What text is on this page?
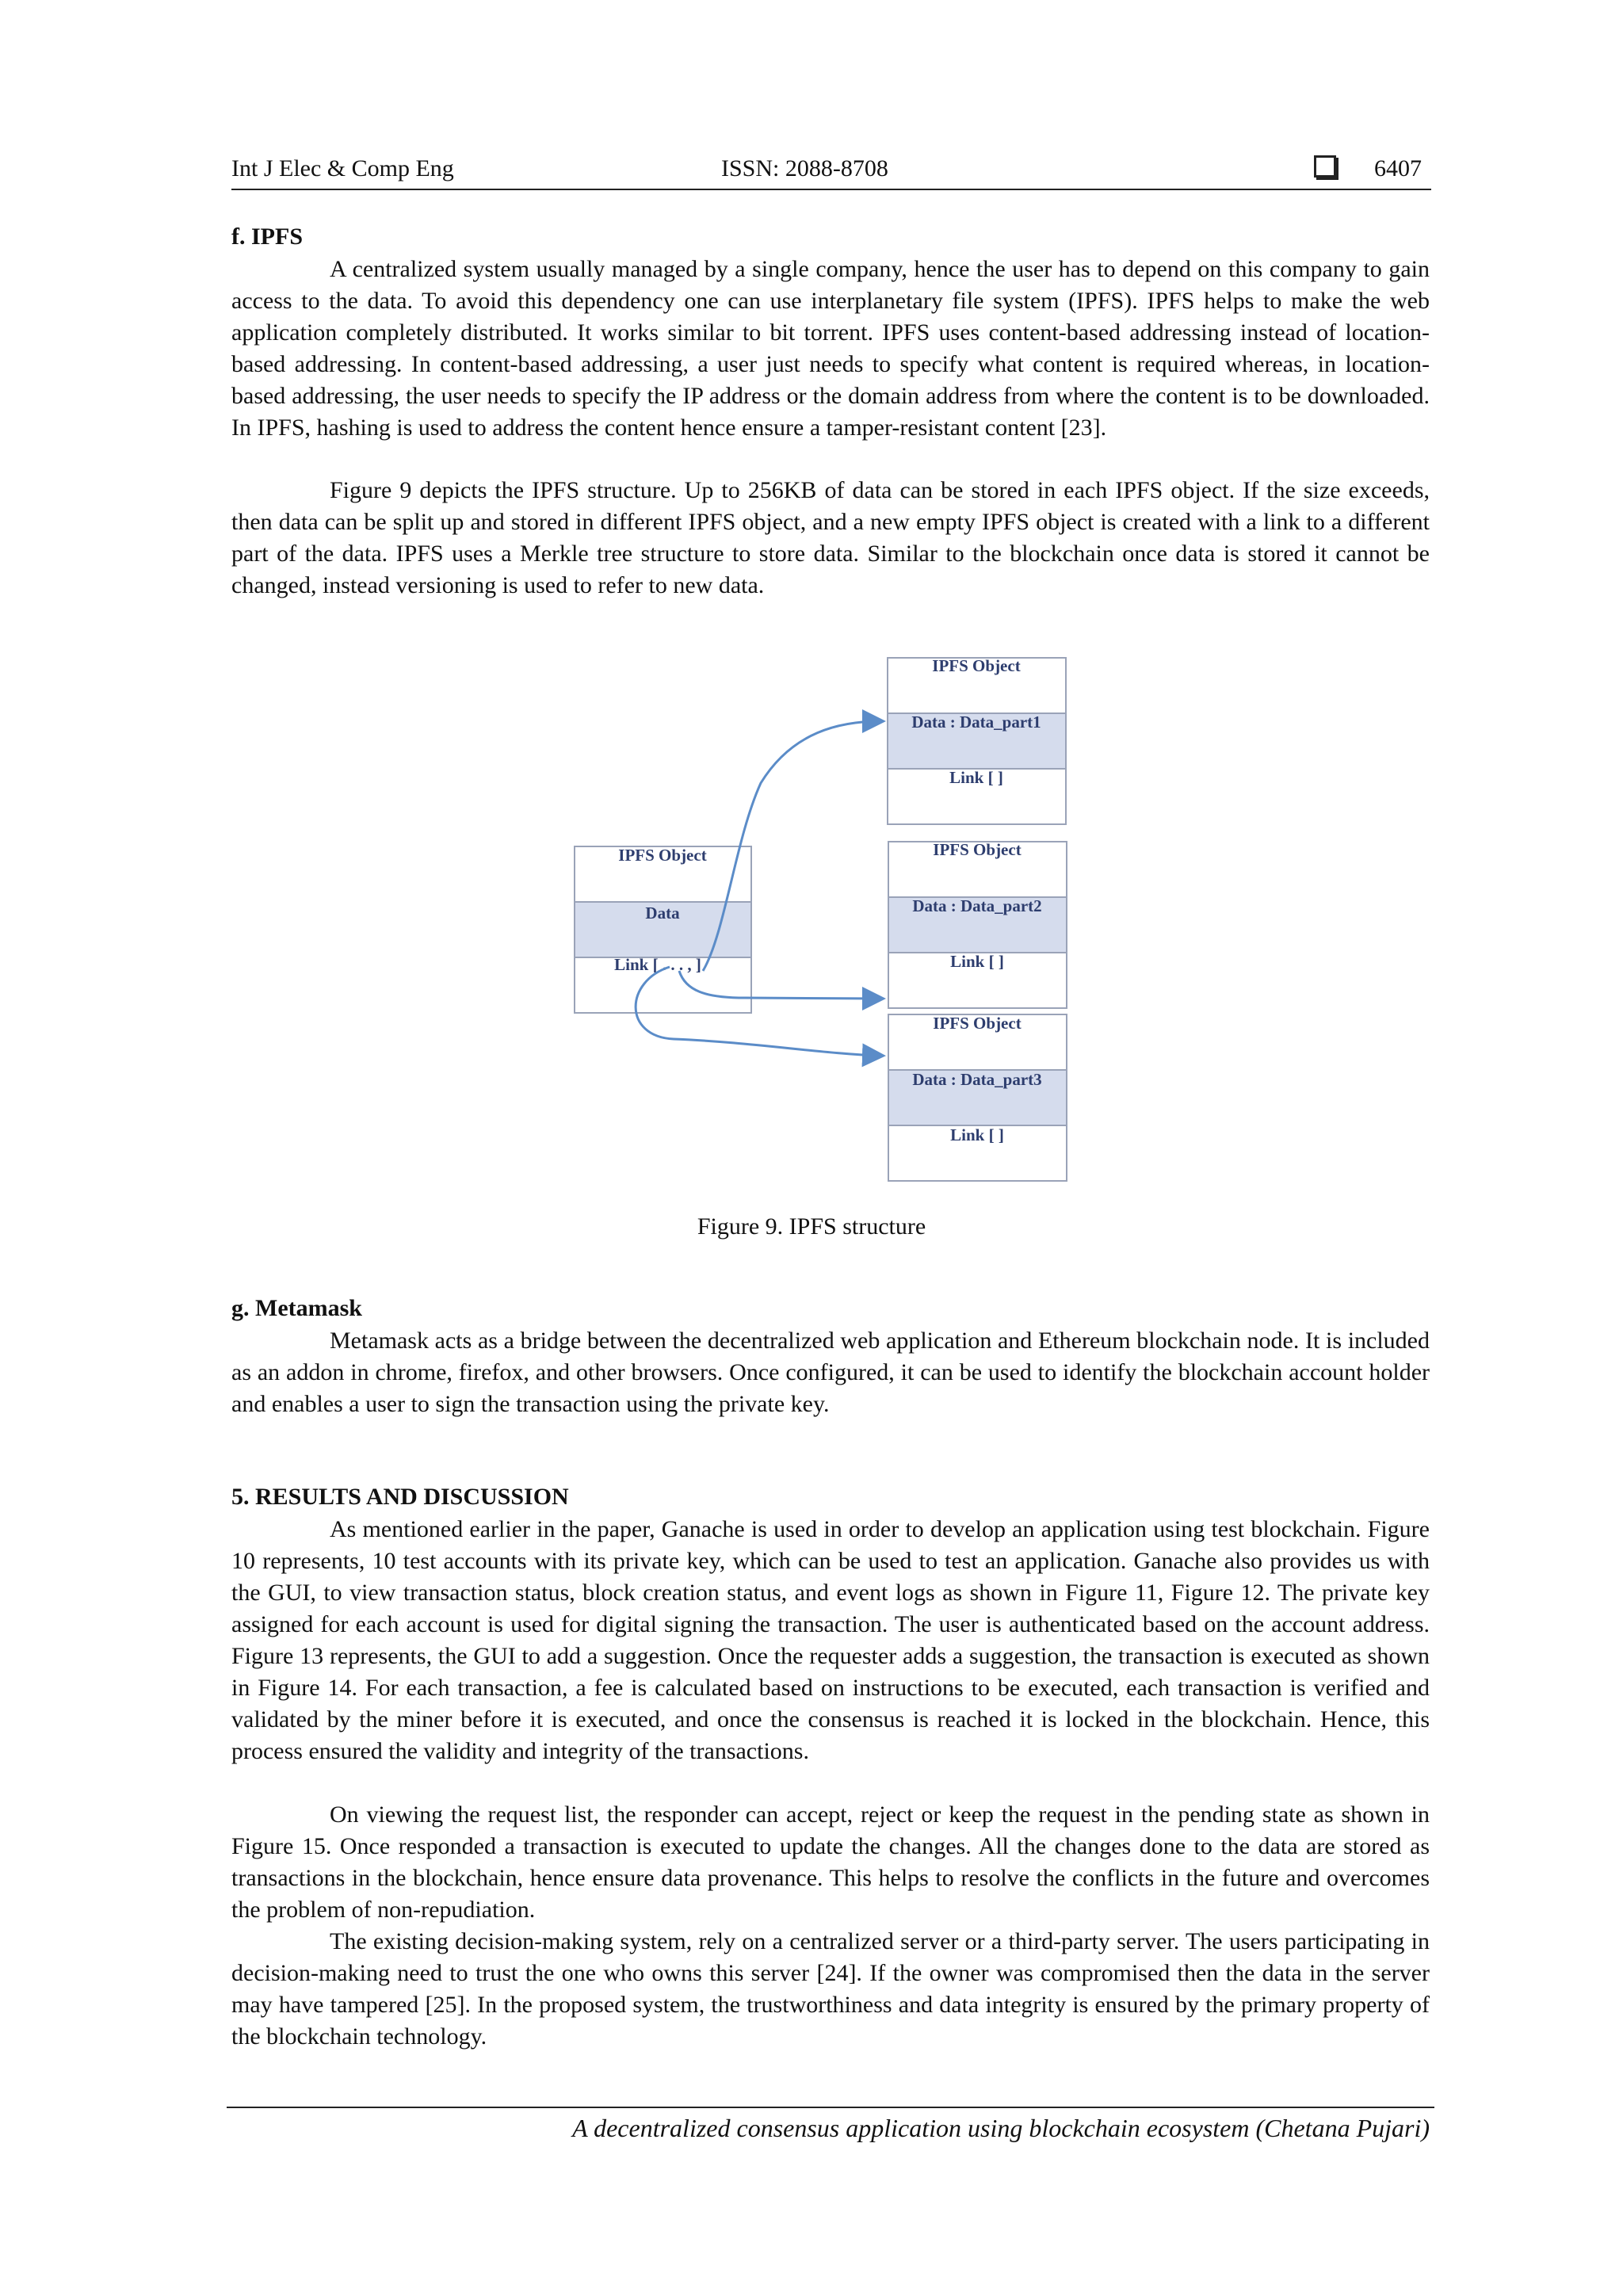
Int J Elec & Comp Eng	ISSN: 2088-8708	6407
f. IPFS

A centralized system usually managed by a single company, hence the user has to depend on this company to gain access to the data. To avoid this dependency one can use interplanetary file system (IPFS). IPFS helps to make the web application completely distributed. It works similar to bit torrent. IPFS uses content-based addressing instead of location-based addressing. In content-based addressing, a user just needs to specify what content is required whereas, in location-based addressing, the user needs to specify the IP address or the domain address from where the content is to be downloaded. In IPFS, hashing is used to address the content hence ensure a tamper-resistant content [23].

Figure 9 depicts the IPFS structure. Up to 256KB of data can be stored in each IPFS object. If the size exceeds, then data can be split up and stored in different IPFS object, and a new empty IPFS object is created with a link to a different part of the data. IPFS uses a Merkle tree structure to store data. Similar to the blockchain once data is stored it cannot be changed, instead versioning is used to refer to new data.

IPFS Object
Data
Link [ . . . , ]
IPFS Object
Data : Data_part1
Link [ ]
IPFS Object
Data : Data_part2
Link [ ]
IPFS Object
Data : Data_part3
Link [ ]
Figure 9. IPFS structure
g. Metamask

Metamask acts as a bridge between the decentralized web application and Ethereum blockchain node. It is included as an addon in chrome, firefox, and other browsers. Once configured, it can be used to identify the blockchain account holder and enables a user to sign the transaction using the private key.

5. RESULTS AND DISCUSSION

As mentioned earlier in the paper, Ganache is used in order to develop an application using test blockchain. Figure 10 represents, 10 test accounts with its private key, which can be used to test an application. Ganache also provides us with the GUI, to view transaction status, block creation status, and event logs as shown in Figure 11, Figure 12. The private key assigned for each account is used for digital signing the transaction. The user is authenticated based on the account address. Figure 13 represents, the GUI to add a suggestion. Once the requester adds a suggestion, the transaction is executed as shown in Figure 14. For each transaction, a fee is calculated based on instructions to be executed, each transaction is verified and validated by the miner before it is executed, and once the consensus is reached it is locked in the blockchain. Hence, this process ensured the validity and integrity of the transactions.

On viewing the request list, the responder can accept, reject or keep the request in the pending state as shown in Figure 15. Once responded a transaction is executed to update the changes. All the changes done to the data are stored as transactions in the blockchain, hence ensure data provenance. This helps to resolve the conflicts in the future and overcomes the problem of non-repudiation.

The existing decision-making system, rely on a centralized server or a third-party server. The users participating in decision-making need to trust the one who owns this server [24]. If the owner was compromised then the data in the server may have tampered [25]. In the proposed system, the trustworthiness and data integrity is ensured by the primary property of the blockchain technology.

A decentralized consensus application using blockchain ecosystem (Chetana Pujari)
